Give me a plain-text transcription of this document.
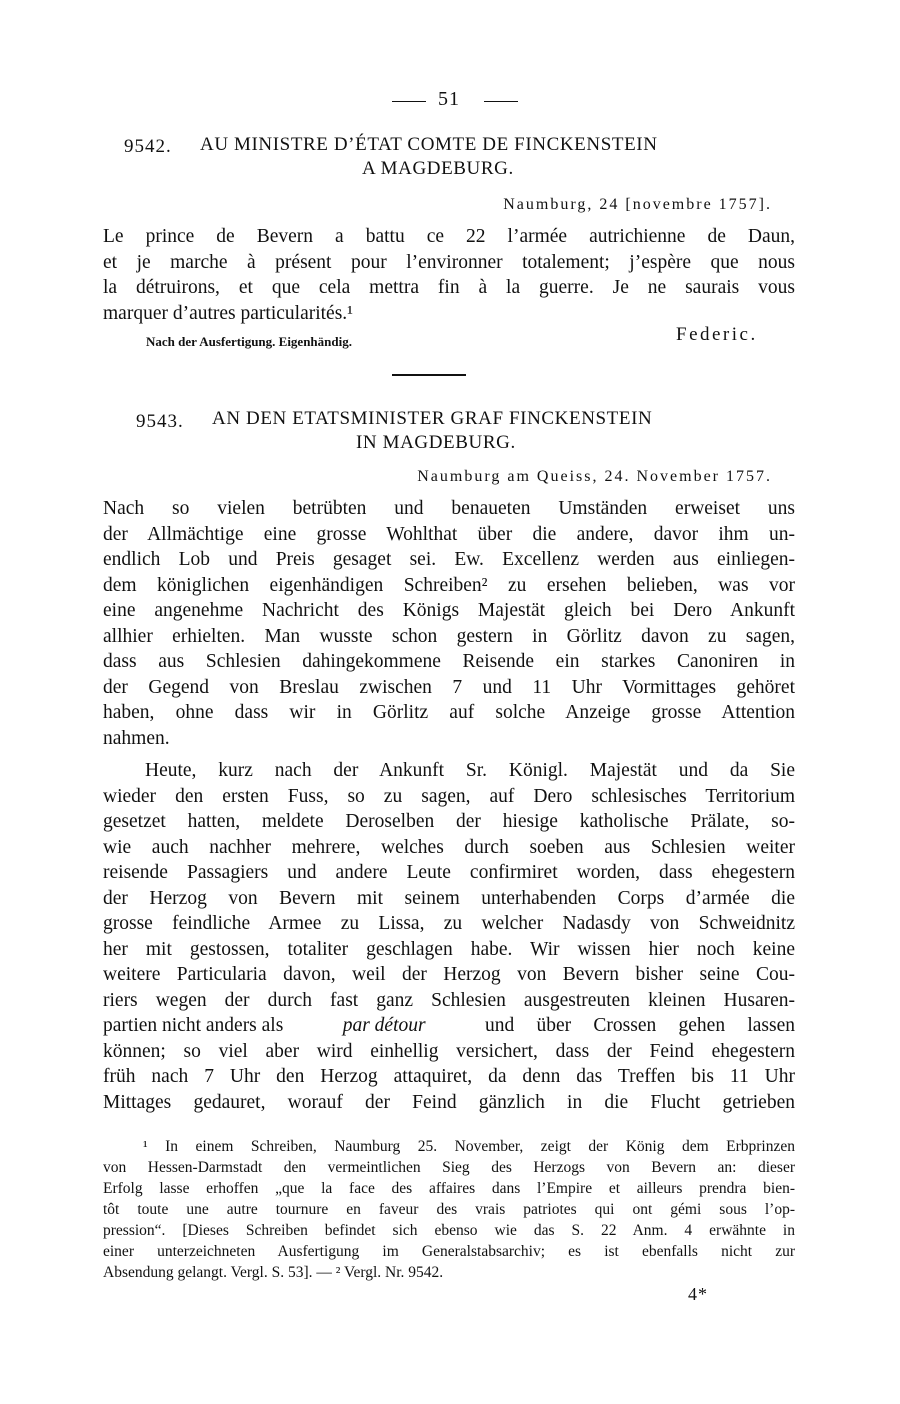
51
9542. AU MINISTRE D’ÉTAT COMTE DE FINCKENSTEIN
A MAGDEBURG.
Naumburg, 24 [novembre 1757].
Le prince de Bevern a battu ce 22 l’armée autrichienne de Daun,
et je marche à présent pour l’environner totalement; j’espère que nous
la détruirons, et que cela mettra fin à la guerre. Je ne saurais vous
marquer d’autres particularités.¹
Nach der Ausfertigung. Eigenhändig.	Federic.
9543. AN DEN ETATSMINISTER GRAF FINCKENSTEIN
IN MAGDEBURG.
Naumburg am Queiss, 24. November 1757.
Nach so vielen betrübten und benaueten Umständen erweiset uns
der Allmächtige eine grosse Wohlthat über die andere, davor ihm un-
endlich Lob und Preis gesaget sei. Ew. Excellenz werden aus einliegen-
dem königlichen eigenhändigen Schreiben² zu ersehen belieben, was vor
eine angenehme Nachricht des Königs Majestät gleich bei Dero Ankunft
allhier erhielten. Man wusste schon gestern in Görlitz davon zu sagen,
dass aus Schlesien dahingekommene Reisende ein starkes Canoniren in
der Gegend von Breslau zwischen 7 und 11 Uhr Vormittages gehöret
haben, ohne dass wir in Görlitz auf solche Anzeige grosse Attention
nahmen.
Heute, kurz nach der Ankunft Sr. Königl. Majestät und da Sie
wieder den ersten Fuss, so zu sagen, auf Dero schlesisches Territorium
gesetzet hatten, meldete Deroselben der hiesige katholische Prälate, so-
wie auch nachher mehrere, welches durch soeben aus Schlesien weiter
reisende Passagiers und andere Leute confirmiret worden, dass ehegestern
der Herzog von Bevern mit seinem unterhabenden Corps d’armée die
grosse feindliche Armee zu Lissa, zu welcher Nadasdy von Schweidnitz
her mit gestossen, totaliter geschlagen habe. Wir wissen hier noch keine
weitere Particularia davon, weil der Herzog von Bevern bisher seine Cou-
riers wegen der durch fast ganz Schlesien ausgestreuten kleinen Husaren-
partien nicht anders als	par détour	und über Crossen gehen lassen
können; so viel aber wird einhellig versichert, dass der Feind ehegestern
früh nach 7 Uhr den Herzog attaquiret, da denn das Treffen bis 11 Uhr
Mittages gedauret, worauf der Feind gänzlich in die Flucht getrieben
¹ In einem Schreiben, Naumburg 25. November, zeigt der König dem Erbprinzen
von Hessen-Darmstadt den vermeintlichen Sieg des Herzogs von Bevern an: dieser
Erfolg lasse erhoffen „que la face des affaires dans l’Empire et ailleurs prendra bien-
tôt toute une autre tournure en faveur des vrais patriotes qui ont gémi sous l’op-
pression“. [Dieses Schreiben befindet sich ebenso wie das S. 22 Anm. 4 erwähnte in
einer unterzeichneten Ausfertigung im Generalstabsarchiv; es ist ebenfalls nicht zur
Absendung gelangt. Vergl. S. 53]. — ² Vergl. Nr. 9542.
4*
